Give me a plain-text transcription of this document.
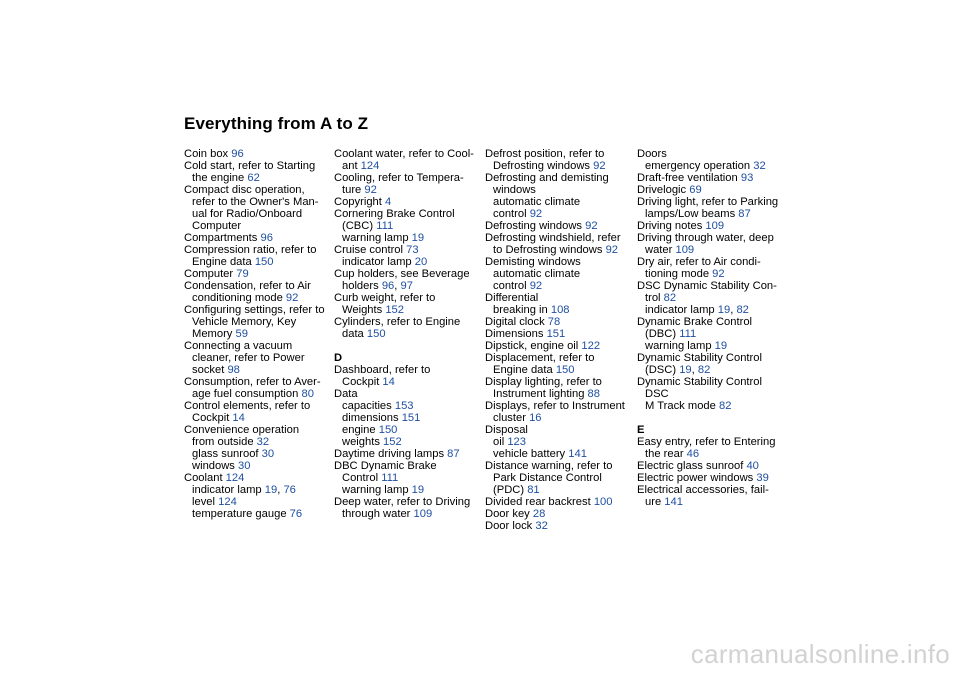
Everything from A to Z
Coin box 96
Cold start, refer to Starting
the engine 62
Compact disc operation,
refer to the Owner's Man-
ual for Radio/Onboard
Computer
Compartments 96
Compression ratio, refer to
Engine data 150
Computer 79
Condensation, refer to Air
conditioning mode 92
Configuring settings, refer to
Vehicle Memory, Key
Memory 59
Connecting a vacuum
cleaner, refer to Power
socket 98
Consumption, refer to Aver-
age fuel consumption 80
Control elements, refer to
Cockpit 14
Convenience operation
from outside 32
glass sunroof 30
windows 30
Coolant 124
indicator lamp 19, 76
level 124
temperature gauge 76
Coolant water, refer to Cool-
ant 124
Cooling, refer to Tempera-
ture 92
Copyright 4
Cornering Brake Control
(CBC) 111
warning lamp 19
Cruise control 73
indicator lamp 20
Cup holders, see Beverage
holders 96, 97
Curb weight, refer to
Weights 152
Cylinders, refer to Engine
data 150
D
Dashboard, refer to
Cockpit 14
Data
capacities 153
dimensions 151
engine 150
weights 152
Daytime driving lamps 87
DBC Dynamic Brake
Control 111
warning lamp 19
Deep water, refer to Driving
through water 109
Defrost position, refer to
Defrosting windows 92
Defrosting and demisting
windows
automatic climate
control 92
Defrosting windows 92
Defrosting windshield, refer
to Defrosting windows 92
Demisting windows
automatic climate
control 92
Differential
breaking in 108
Digital clock 78
Dimensions 151
Dipstick, engine oil 122
Displacement, refer to
Engine data 150
Display lighting, refer to
Instrument lighting 88
Displays, refer to Instrument
cluster 16
Disposal
oil 123
vehicle battery 141
Distance warning, refer to
Park Distance Control
(PDC) 81
Divided rear backrest 100
Door key 28
Door lock 32
Doors
emergency operation 32
Draft-free ventilation 93
Drivelogic 69
Driving light, refer to Parking
lamps/Low beams 87
Driving notes 109
Driving through water, deep
water 109
Dry air, refer to Air condi-
tioning mode 92
DSC Dynamic Stability Con-
trol 82
indicator lamp 19, 82
Dynamic Brake Control
(DBC) 111
warning lamp 19
Dynamic Stability Control
(DSC) 19, 82
Dynamic Stability Control
DSC
M Track mode 82
E
Easy entry, refer to Entering
the rear 46
Electric glass sunroof 40
Electric power windows 39
Electrical accessories, fail-
ure 141
carmanualsonline.info
